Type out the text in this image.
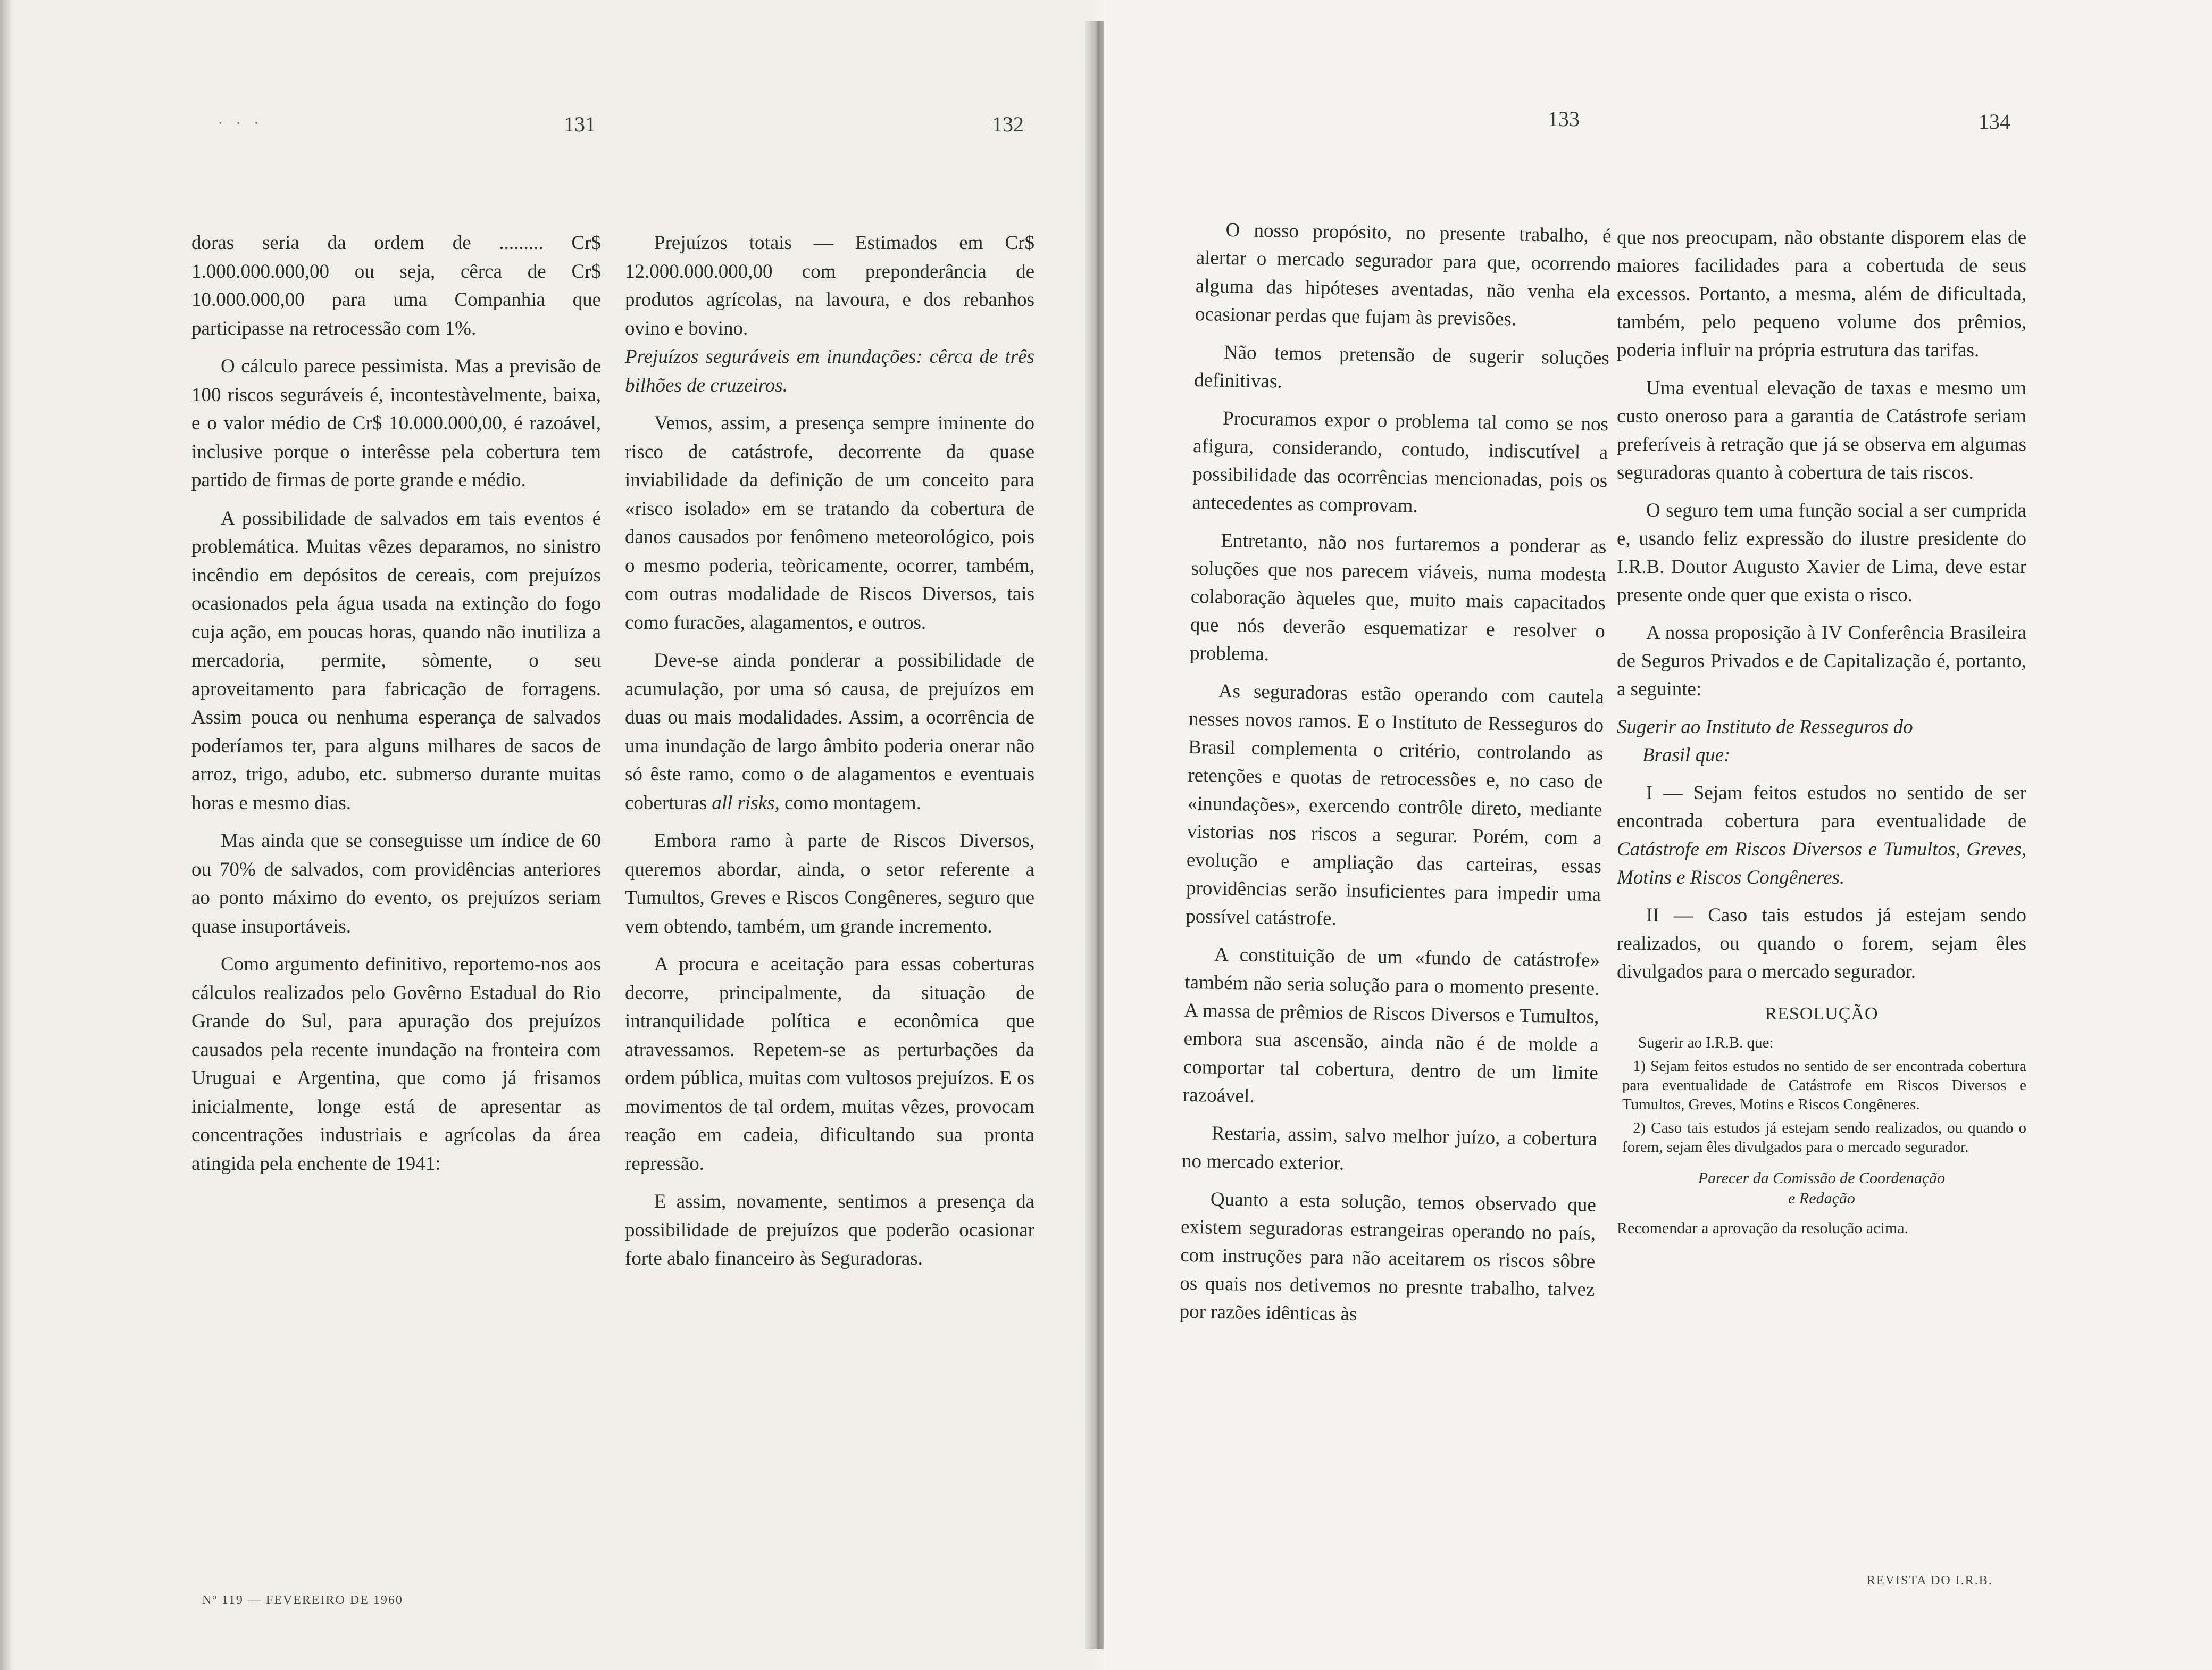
· · ·	131	132

doras seria da ordem de ......... Cr$ 1.000.000.000,00 ou seja, cêrca de Cr$ 10.000.000,00 para uma Companhia que participasse na retrocessão com 1%.

O cálculo parece pessimista. Mas a previsão de 100 riscos seguráveis é, incontestàvelmente, baixa, e o valor médio de Cr$ 10.000.000,00, é razoável, inclusive porque o interêsse pela cobertura tem partido de firmas de porte grande e médio.

A possibilidade de salvados em tais eventos é problemática. Muitas vêzes deparamos, no sinistro incêndio em depósitos de cereais, com prejuízos ocasionados pela água usada na extinção do fogo cuja ação, em poucas horas, quando não inutiliza a mercadoria, permite, sòmente, o seu aproveitamento para fabricação de forragens. Assim pouca ou nenhuma esperança de salvados poderíamos ter, para alguns milhares de sacos de arroz, trigo, adubo, etc. submerso durante muitas horas e mesmo dias.

Mas ainda que se conseguisse um índice de 60 ou 70% de salvados, com providências anteriores ao ponto máximo do evento, os prejuízos seriam quase insuportáveis.

Como argumento definitivo, reportemo-nos aos cálculos realizados pelo Govêrno Estadual do Rio Grande do Sul, para apuração dos prejuízos causados pela recente inundação na fronteira com Uruguai e Argentina, que como já frisamos inicialmente, longe está de apresentar as concentrações industriais e agrícolas da área atingida pela enchente de 1941:

Prejuízos totais — Estimados em Cr$ 12.000.000.000,00 com preponderância de produtos agrícolas, na lavoura, e dos rebanhos ovino e bovino.

Prejuízos seguráveis em inundações: cêrca de três bilhões de cruzeiros.

Vemos, assim, a presença sempre iminente do risco de catástrofe, decorrente da quase inviabilidade da definição de um conceito para «risco isolado» em se tratando da cobertura de danos causados por fenômeno meteorológico, pois o mesmo poderia, teòricamente, ocorrer, também, com outras modalidade de Riscos Diversos, tais como furacões, alagamentos, e outros.

Deve-se ainda ponderar a possibilidade de acumulação, por uma só causa, de prejuízos em duas ou mais modalidades. Assim, a ocorrência de uma inundação de largo âmbito poderia onerar não só êste ramo, como o de alagamentos e eventuais coberturas all risks, como montagem.

Embora ramo à parte de Riscos Diversos, queremos abordar, ainda, o setor referente a Tumultos, Greves e Riscos Congêneres, seguro que vem obtendo, também, um grande incremento.

A procura e aceitação para essas coberturas decorre, principalmente, da situação de intranquilidade política e econômica que atravessamos. Repetem-se as perturbações da ordem pública, muitas com vultosos prejuízos. E os movimentos de tal ordem, muitas vêzes, provocam reação em cadeia, dificultando sua pronta repressão.

E assim, novamente, sentimos a presença da possibilidade de prejuízos que poderão ocasionar forte abalo financeiro às Seguradoras.

Nº 119 — FEVEREIRO DE 1960
133	134

O nosso propósito, no presente trabalho, é alertar o mercado segurador para que, ocorrendo alguma das hipóteses aventadas, não venha ela ocasionar perdas que fujam às previsões.

Não temos pretensão de sugerir soluções definitivas.

Procuramos expor o problema tal como se nos afigura, considerando, contudo, indiscutível a possibilidade das ocorrências mencionadas, pois os antecedentes as comprovam.

Entretanto, não nos furtaremos a ponderar as soluções que nos parecem viáveis, numa modesta colaboração àqueles que, muito mais capacitados que nós deverão esquematizar e resolver o problema.

As seguradoras estão operando com cautela nesses novos ramos. E o Instituto de Resseguros do Brasil complementa o critério, controlando as retenções e quotas de retrocessões e, no caso de «inundações», exercendo contrôle direto, mediante vistorias nos riscos a segurar. Porém, com a evolução e ampliação das carteiras, essas providências serão insuficientes para impedir uma possível catástrofe.

A constituição de um «fundo de catástrofe» também não seria solução para o momento presente. A massa de prêmios de Riscos Diversos e Tumultos, embora sua ascensão, ainda não é de molde a comportar tal cobertura, dentro de um limite razoável.

Restaria, assim, salvo melhor juízo, a cobertura no mercado exterior.

Quanto a esta solução, temos observado que existem seguradoras estrangeiras operando no país, com instruções para não aceitarem os riscos sôbre os quais nos detivemos no presnte trabalho, talvez por razões idênticas às

que nos preocupam, não obstante disporem elas de maiores facilidades para a cobertuda de seus excessos. Portanto, a mesma, além de dificultada, também, pelo pequeno volume dos prêmios, poderia influir na própria estrutura das tarifas.

Uma eventual elevação de taxas e mesmo um custo oneroso para a garantia de Catástrofe seriam preferíveis à retração que já se observa em algumas seguradoras quanto à cobertura de tais riscos.

O seguro tem uma função social a ser cumprida e, usando feliz expressão do ilustre presidente do I.R.B. Doutor Augusto Xavier de Lima, deve estar presente onde quer que exista o risco.

A nossa proposição à IV Conferência Brasileira de Seguros Privados e de Capitalização é, portanto, a seguinte:

Sugerir ao Instituto de Resseguros do
Brasil que:

I — Sejam feitos estudos no sentido de ser encontrada cobertura para eventualidade de Catástrofe em Riscos Diversos e Tumultos, Greves, Motins e Riscos Congêneres.

II — Caso tais estudos já estejam sendo realizados, ou quando o forem, sejam êles divulgados para o mercado segurador.

RESOLUÇÃO

Sugerir ao I.R.B. que:

1) Sejam feitos estudos no sentido de ser encontrada cobertura para eventualidade de Catástrofe em Riscos Diversos e Tumultos, Greves, Motins e Riscos Congêneres.

2) Caso tais estudos já estejam sendo realizados, ou quando o forem, sejam êles divulgados para o mercado segurador.

Parecer da Comissão de Coordenação
e Redação
Recomendar a aprovação da resolução acima.
REVISTA DO I.R.B.
